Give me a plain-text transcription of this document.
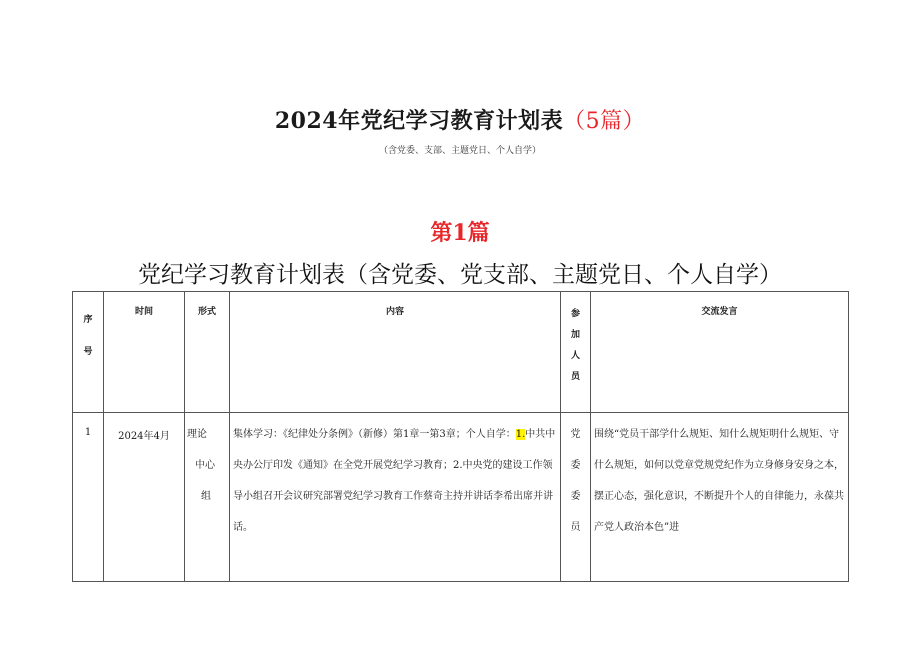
2024年党纪学习教育计划表（5篇）
（含党委、支部、主题党日、个人自学）
第1篇
党纪学习教育计划表（含党委、党支部、主题党日、个人自学）
序号	时间	形式	内容	参加人员	交流发言

1	2024年4月	理论
中心
组	集体学习：《纪律处分条例》（新修）第1章一第3章；个人自学：1.中共中央办公厅印发《通知》在全党开展党纪学习教育；2.中央党的建设工作领导小组召开会议研究部署党纪学习教育工作蔡奇主持并讲话李希出席并讲话。	党委委员	围绕“党员干部学什么规矩、知什么规矩明什么规矩、守什么规矩，如何以党章党规党纪作为立身修身安身之本，摆正心态，强化意识，不断提升个人的自律能力，永葆共产党人政治本色”进
